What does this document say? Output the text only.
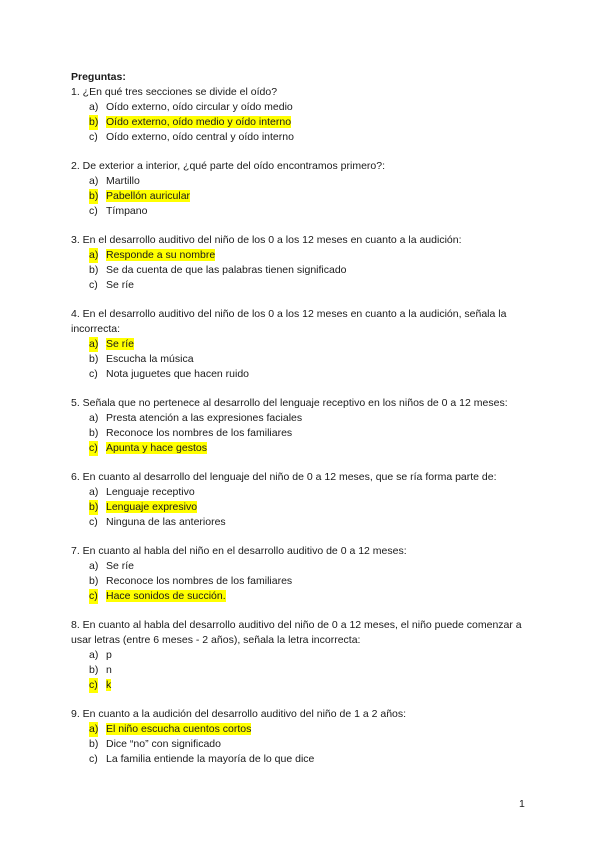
Preguntas:
1. ¿En qué tres secciones se divide el oído?
a) Oído externo, oído circular y oído medio
b) Oído externo, oído medio y oído interno
c) Oído externo, oído central y oído interno
2. De exterior a interior, ¿qué parte del oído encontramos primero?:
a) Martillo
b) Pabellón auricular
c) Tímpano
3. En el desarrollo auditivo del niño de los 0 a los 12 meses en cuanto a la audición:
a) Responde a su nombre
b) Se da cuenta de que las palabras tienen significado
c) Se ríe
4. En el desarrollo auditivo del niño de los 0 a los 12 meses en cuanto a la audición, señala la incorrecta:
a) Se ríe
b) Escucha la música
c) Nota juguetes que hacen ruido
5. Señala que no pertenece al desarrollo del lenguaje receptivo en los niños de 0 a 12 meses:
a) Presta atención a las expresiones faciales
b) Reconoce los nombres de los familiares
c) Apunta y hace gestos
6. En cuanto al desarrollo del lenguaje del niño de 0 a 12 meses, que se ría forma parte de:
a) Lenguaje receptivo
b) Lenguaje expresivo
c) Ninguna de las anteriores
7. En cuanto al habla del niño en el desarrollo auditivo de 0 a 12 meses:
a) Se ríe
b) Reconoce los nombres de los familiares
c) Hace sonidos de succión.
8. En cuanto al habla del desarrollo auditivo del niño de 0 a 12 meses, el niño puede comenzar a usar letras (entre 6 meses - 2 años), señala la letra incorrecta:
a) p
b) n
c) k
9. En cuanto a la audición del desarrollo auditivo del niño de 1 a 2 años:
a) El niño escucha cuentos cortos
b) Dice “no” con significado
c) La familia entiende la mayoría de lo que dice
1
